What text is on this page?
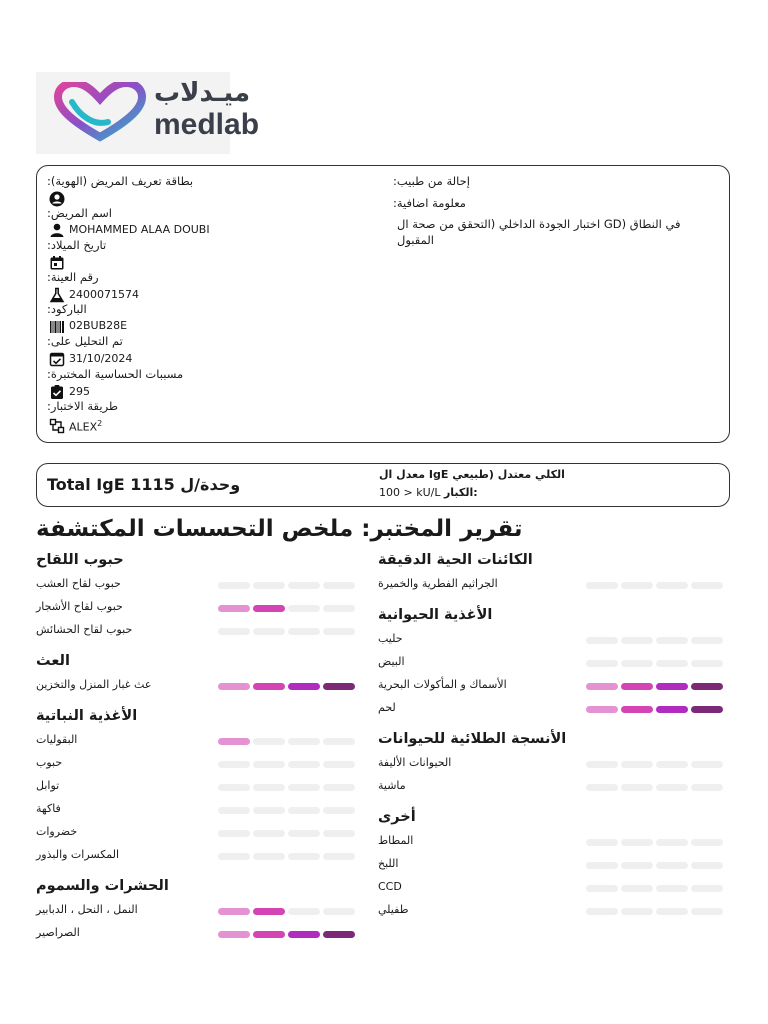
ميـدلاب
medlab
بطاقة تعريف المريض (الهوية):
اسم المريض:
MOHAMMED ALAA DOUBI
تاريخ الميلاد:
رقم العينة:
2400071574
الباركود:
02BUB28E
تم التحليل على:
31/10/2024
مسببات الحساسية المختبرة:
295
طريقة الاختبار:
ALEX$^2$
إحالة من طبيب:
معلومة اضافية:
في النطاق (GD اختبار الجودة الداخلي (التحقق من صحة ال
المقبول
Total IgE 1115 وحدة/ل
الكلي معتدل (طبيعي IgE معدل ال
100 > kU/L الكبار:
تقرير المختبر: ملخص التحسسات المكتشفة
حبوب اللقاح
حبوب لقاح العشب
حبوب لقاح الأشجار
حبوب لقاح الحشائش
العث
عث غبار المنزل والتخزين
الأغذية النباتية
البقوليات
حبوب
توابل
فاكهة
خضروات
المكسرات والبذور
الحشرات والسموم
النمل ، النحل ، الدبابير
الصراصير
الكائنات الحية الدقيقة
الجراثيم الفطرية والخميرة
الأغذية الحيوانية
حليب
البيض
الأسماك و المأكولات البحرية
لحم
الأنسجة الطلائية للحيوانات
الحيوانات الأليفة
ماشية
أخرى
المطاط
اللبخ
CCD
طفيلي
